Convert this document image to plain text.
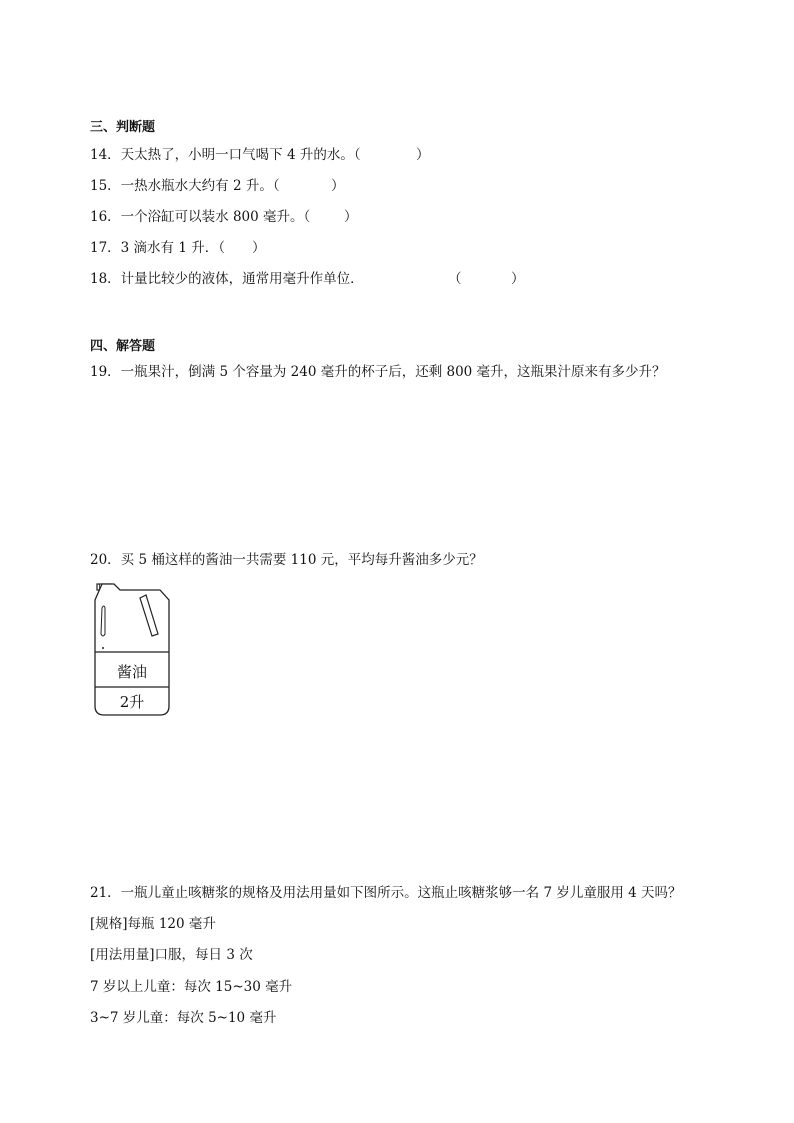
三、判断题
14．天太热了，小明一口气喝下 4 升的水。（	）
15．一热水瓶水大约有 2 升。（	）
16．一个浴缸可以装水 800 毫升。（ ）
17．3 滴水有 1 升．（ ）
18．计量比较少的液体，通常用毫升作单位．	（	）
四、解答题
19．一瓶果汁，倒满 5 个容量为 240 毫升的杯子后，还剩 800 毫升，这瓶果汁原来有多少升？
20．买 5 桶这样的酱油一共需要 110 元，平均每升酱油多少元？
酱油
2升
21．一瓶儿童止咳糖浆的规格及用法用量如下图所示。这瓶止咳糖浆够一名 7 岁儿童服用 4 天吗？
[规格]每瓶 120 毫升
[用法用量]口服，每日 3 次
7 岁以上儿童：每次 15~30 毫升
3~7 岁儿童：每次 5~10 毫升
